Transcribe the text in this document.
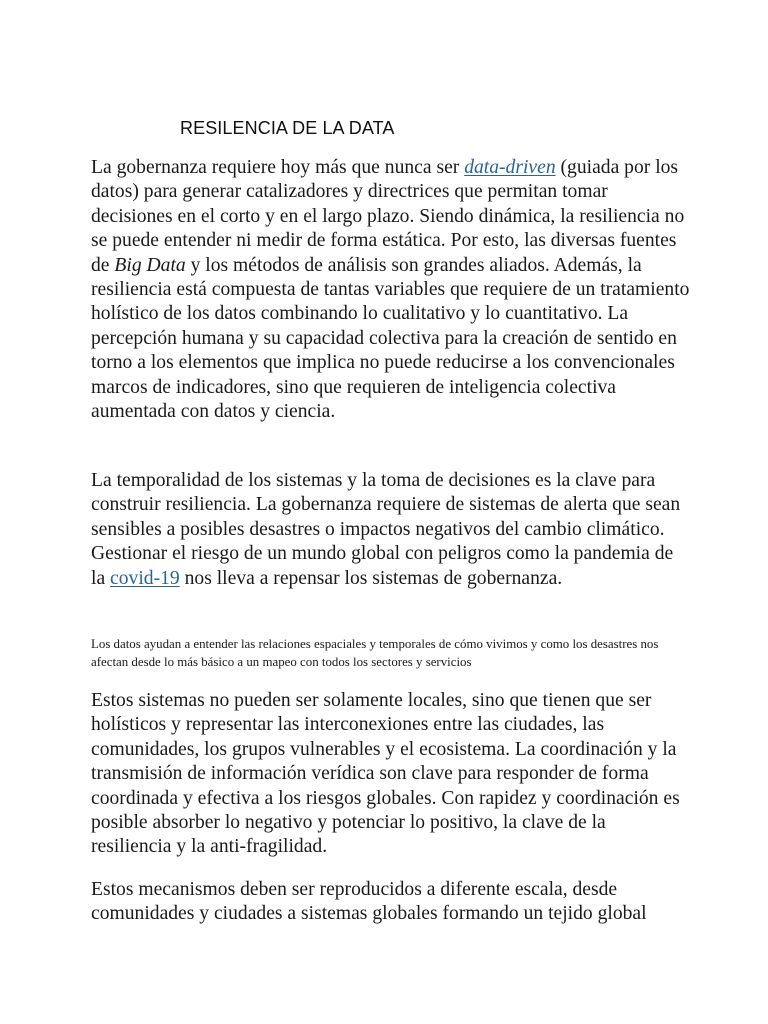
RESILENCIA DE LA DATA

La gobernanza requiere hoy más que nunca ser data-driven (guiada por los datos) para generar catalizadores y directrices que permitan tomar decisiones en el corto y en el largo plazo. Siendo dinámica, la resiliencia no se puede entender ni medir de forma estática. Por esto, las diversas fuentes de Big Data y los métodos de análisis son grandes aliados. Además, la resiliencia está compuesta de tantas variables que requiere de un tratamiento holístico de los datos combinando lo cualitativo y lo cuantitativo. La percepción humana y su capacidad colectiva para la creación de sentido en torno a los elementos que implica no puede reducirse a los convencionales marcos de indicadores, sino que requieren de inteligencia colectiva aumentada con datos y ciencia.

La temporalidad de los sistemas y la toma de decisiones es la clave para construir resiliencia. La gobernanza requiere de sistemas de alerta que sean sensibles a posibles desastres o impactos negativos del cambio climático. Gestionar el riesgo de un mundo global con peligros como la pandemia de la covid-19 nos lleva a repensar los sistemas de gobernanza.

Los datos ayudan a entender las relaciones espaciales y temporales de cómo vivimos y como los desastres nos afectan desde lo más básico a un mapeo con todos los sectores y servicios

Estos sistemas no pueden ser solamente locales, sino que tienen que ser holísticos y representar las interconexiones entre las ciudades, las comunidades, los grupos vulnerables y el ecosistema. La coordinación y la transmisión de información verídica son clave para responder de forma coordinada y efectiva a los riesgos globales. Con rapidez y coordinación es posible absorber lo negativo y potenciar lo positivo, la clave de la resiliencia y la anti-fragilidad.

Estos mecanismos deben ser reproducidos a diferente escala, desde comunidades y ciudades a sistemas globales formando un tejido global
